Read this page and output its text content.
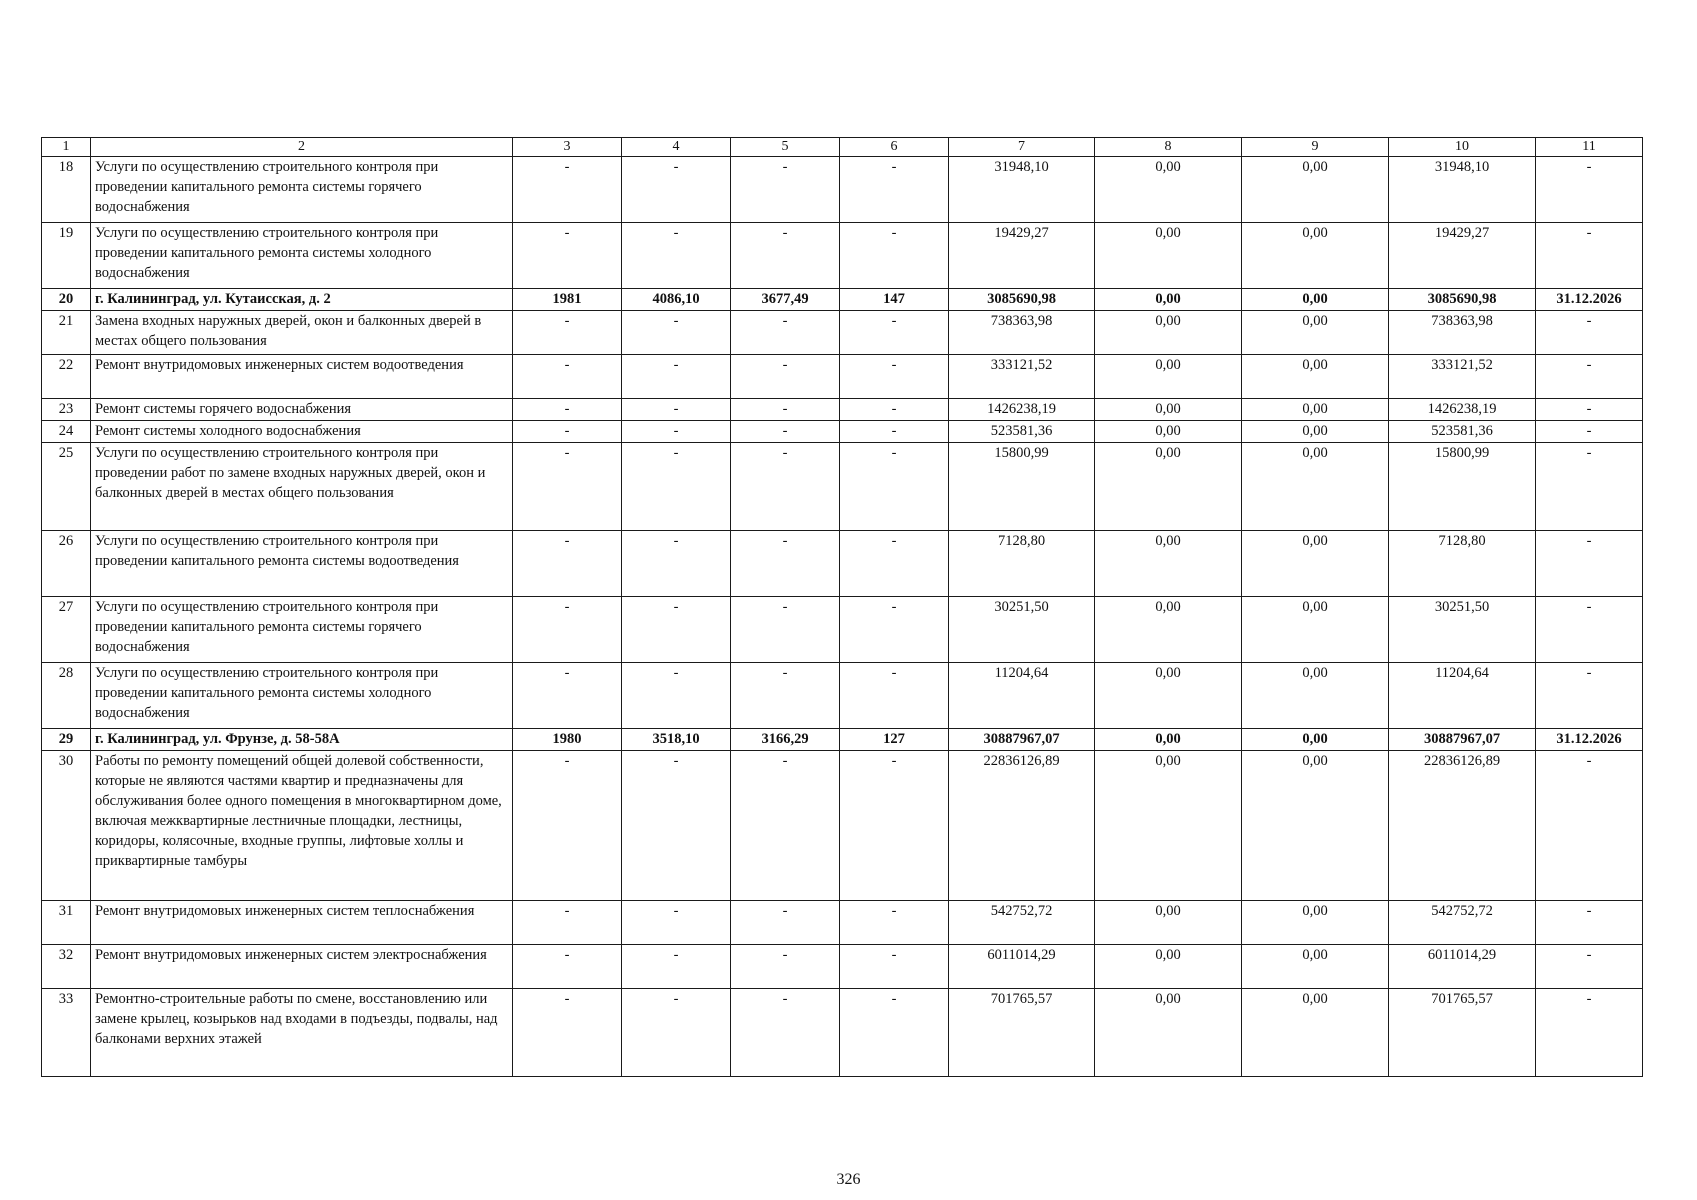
1	2	3	4	5	6	7	8	9	10	11
18	Услуги по осуществлению строительного контроля при проведении капитального ремонта системы горячего водоснабжения	-	-	-	-	31948,10	0,00	0,00	31948,10	-
19	Услуги по осуществлению строительного контроля при проведении капитального ремонта системы холодного водоснабжения	-	-	-	-	19429,27	0,00	0,00	19429,27	-
20	г. Калининград, ул. Кутаисская, д. 2	1981	4086,10	3677,49	147	3085690,98	0,00	0,00	3085690,98	31.12.2026
21	Замена входных наружных дверей, окон и балконных дверей в местах общего пользования	-	-	-	-	738363,98	0,00	0,00	738363,98	-
22	Ремонт внутридомовых инженерных систем водоотведения	-	-	-	-	333121,52	0,00	0,00	333121,52	-
23	Ремонт системы горячего водоснабжения	-	-	-	-	1426238,19	0,00	0,00	1426238,19	-
24	Ремонт системы холодного водоснабжения	-	-	-	-	523581,36	0,00	0,00	523581,36	-
25	Услуги по осуществлению строительного контроля при проведении работ по замене входных наружных дверей, окон и балконных дверей в местах общего пользования	-	-	-	-	15800,99	0,00	0,00	15800,99	-
26	Услуги по осуществлению строительного контроля при проведении капитального ремонта системы водоотведения	-	-	-	-	7128,80	0,00	0,00	7128,80	-
27	Услуги по осуществлению строительного контроля при проведении капитального ремонта системы горячего водоснабжения	-	-	-	-	30251,50	0,00	0,00	30251,50	-
28	Услуги по осуществлению строительного контроля при проведении капитального ремонта системы холодного водоснабжения	-	-	-	-	11204,64	0,00	0,00	11204,64	-
29	г. Калининград, ул. Фрунзе, д. 58-58А	1980	3518,10	3166,29	127	30887967,07	0,00	0,00	30887967,07	31.12.2026
30	Работы по ремонту помещений общей долевой собственности, которые не являются частями квартир и предназначены для обслуживания более одного помещения в многоквартирном доме, включая межквартирные лестничные площадки, лестницы, коридоры, колясочные, входные группы, лифтовые холлы и приквартирные тамбуры	-	-	-	-	22836126,89	0,00	0,00	22836126,89	-
31	Ремонт внутридомовых инженерных систем теплоснабжения	-	-	-	-	542752,72	0,00	0,00	542752,72	-
32	Ремонт внутридомовых инженерных систем электроснабжения	-	-	-	-	6011014,29	0,00	0,00	6011014,29	-
33	Ремонтно-строительные работы по смене, восстановлению или замене крылец, козырьков над входами в подъезды, подвалы, над балконами верхних этажей	-	-	-	-	701765,57	0,00	0,00	701765,57	-
326
